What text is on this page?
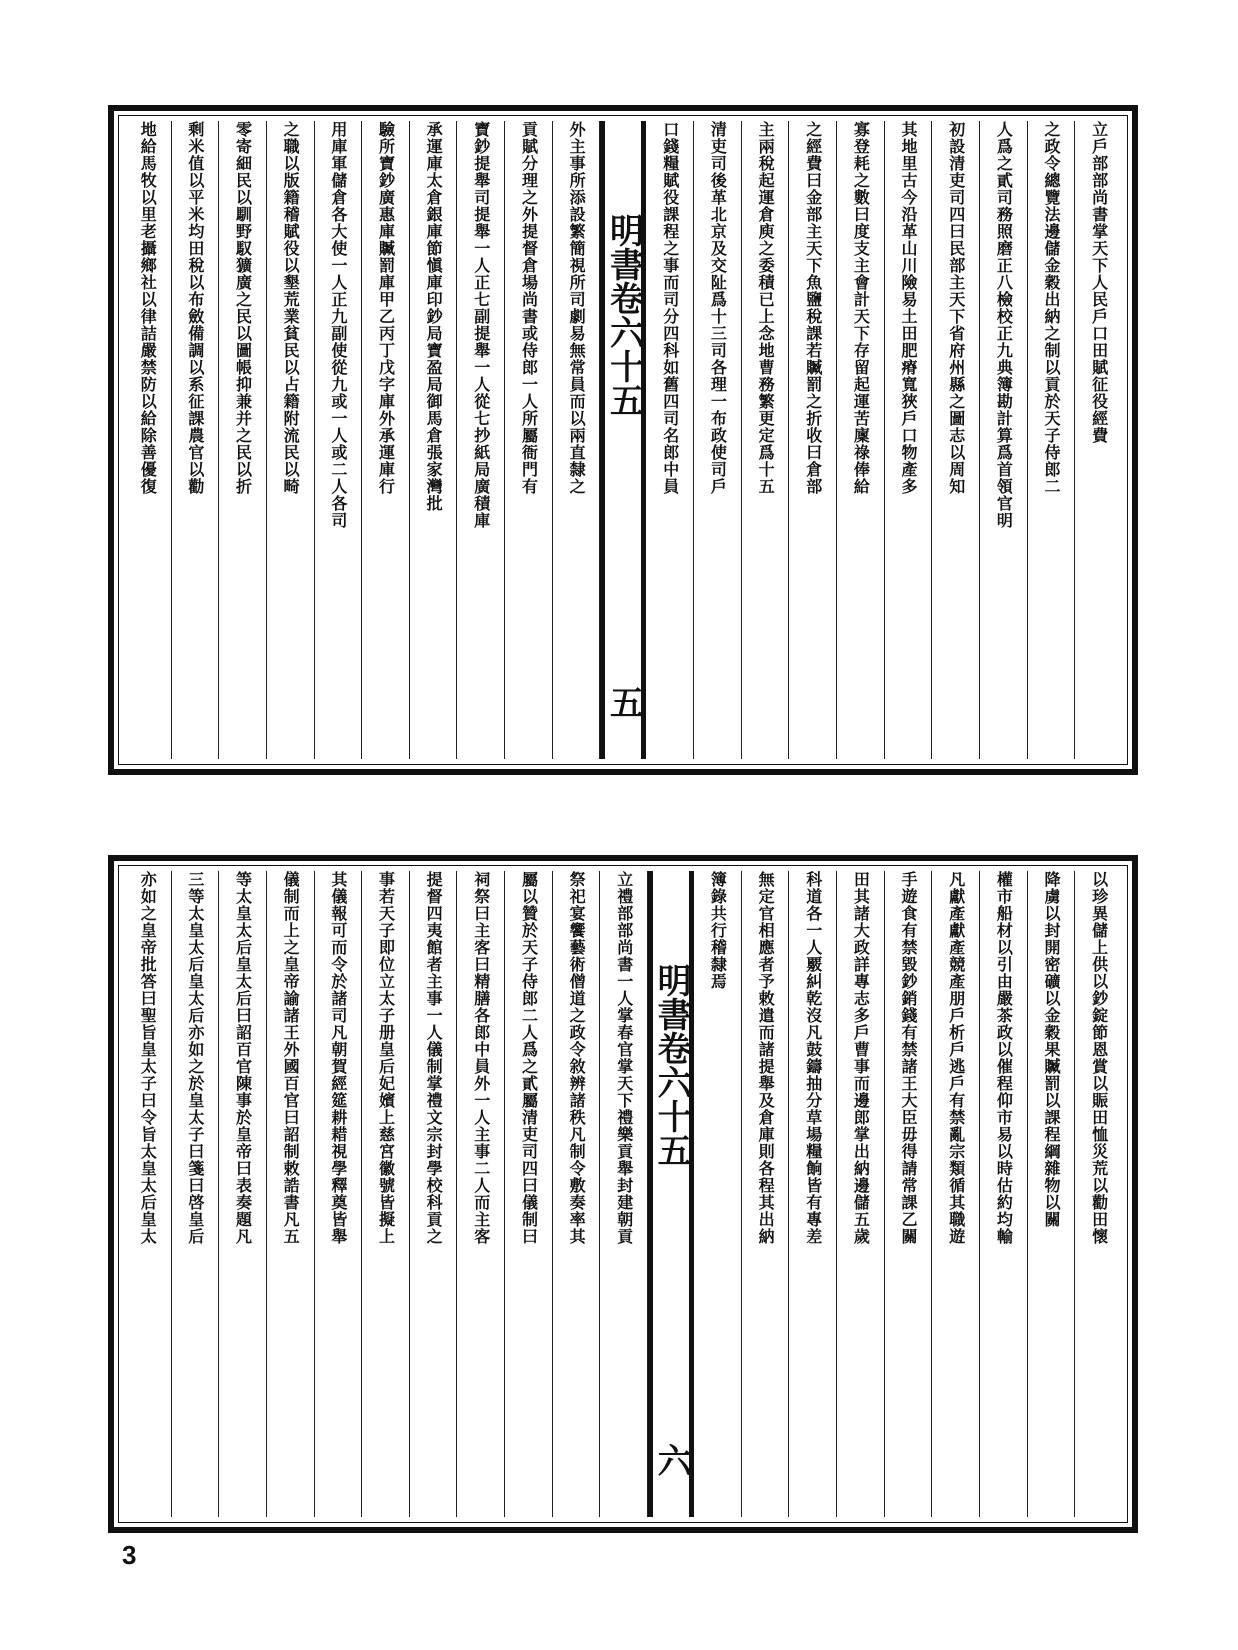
立戶部部尚書掌天下人民戶口田賦征役經費
之政令總覽法邊儲金穀出納之制以貢於天子侍郎二
人爲之貳司務照磨正八檢校正九典簿勘計算爲首領官明
初設清吏司四曰民部主天下省府州縣之圖志以周知
其地里古今沿革山川險易土田肥瘠寬狹戶口物產多
寡登耗之數曰度支主會計天下存留起運苦廩祿俸給
之經費曰金部主天下魚鹽稅課若贓罰之折收曰倉部
主兩稅起運倉庾之委積已上念地曹務繁更定爲十五
清吏司後革北京及交阯爲十三司各理一布政使司戶
口錢糧賦役課程之事而司分四科如舊四司名郎中員
明書卷六十五
五
外主事所添設繁簡視所司劇易無常員而以兩直隸之
貢賦分理之外提督倉場尚書或侍郎一人所屬衙門有
寶鈔提舉司提舉一人正七副提舉一人從七抄紙局廣積庫
承運庫太倉銀庫節愼庫印鈔局寶盈局御馬倉張家灣批
驗所寶鈔廣惠庫贓罰庫甲乙丙丁戊字庫外承運庫行
用庫軍儲倉各大使一人正九副使從九或一人或二人各司
之職以版籍稽賦役以墾荒業貧民以占籍附流民以畸
零寄細民以馴野馭獷廣之民以圖帳抑兼并之民以折
剩米值以平米均田稅以布斂備調以系征課農官以勸
地給馬牧以里老攝鄉社以律詰嚴禁防以給除善優復
以珍異儲上供以鈔錠節恩賞以賑田恤災荒以勸田懷
降虜以封開密礦以金穀果贓罰以課程綱雜物以關
權市船材以引由嚴茶政以催程仰市易以時估約均輸
凡獻產獻產競產朋戶析戶逃戶有禁亂宗類循其職遊
手遊食有禁毀鈔銷錢有禁諸王大臣毋得請常課乙關
田其諸大政詳專志多戶曹事而邊郎掌出納邊儲五歲
科道各一人覈糾乾沒凡鼓鑄抽分草場糧餉皆有專差
無定官相應者予敕遣而諸提舉及倉庫則各程其出納
簿錄共行稽隸焉
明書卷六十五
六
立禮部部尚書一人掌春官掌天下禮樂貢舉封建朝貢
祭祀宴饗藝術僧道之政令敘辨諸秩凡制令敷奏率其
屬以贊於天子侍郎二人爲之貳屬清吏司四曰儀制曰
祠祭曰主客曰精膳各郎中員外一人主事二人而主客
提督四夷館者主事一人儀制掌禮文宗封學校科貢之
事若天子即位立太子册皇后妃嬪上慈宮徽號皆擬上
其儀報可而令於諸司凡朝賀經筵耕耤視學釋奠皆舉
儀制而上之皇帝諭諸王外國百官曰詔制敕誥書凡五
等太皇太后皇太后曰詔百官陳事於皇帝曰表奏題凡
三等太皇太后皇太后亦如之於皇太子曰箋曰啓皇后
亦如之皇帝批答曰聖旨皇太子曰令旨太皇太后皇太
3
